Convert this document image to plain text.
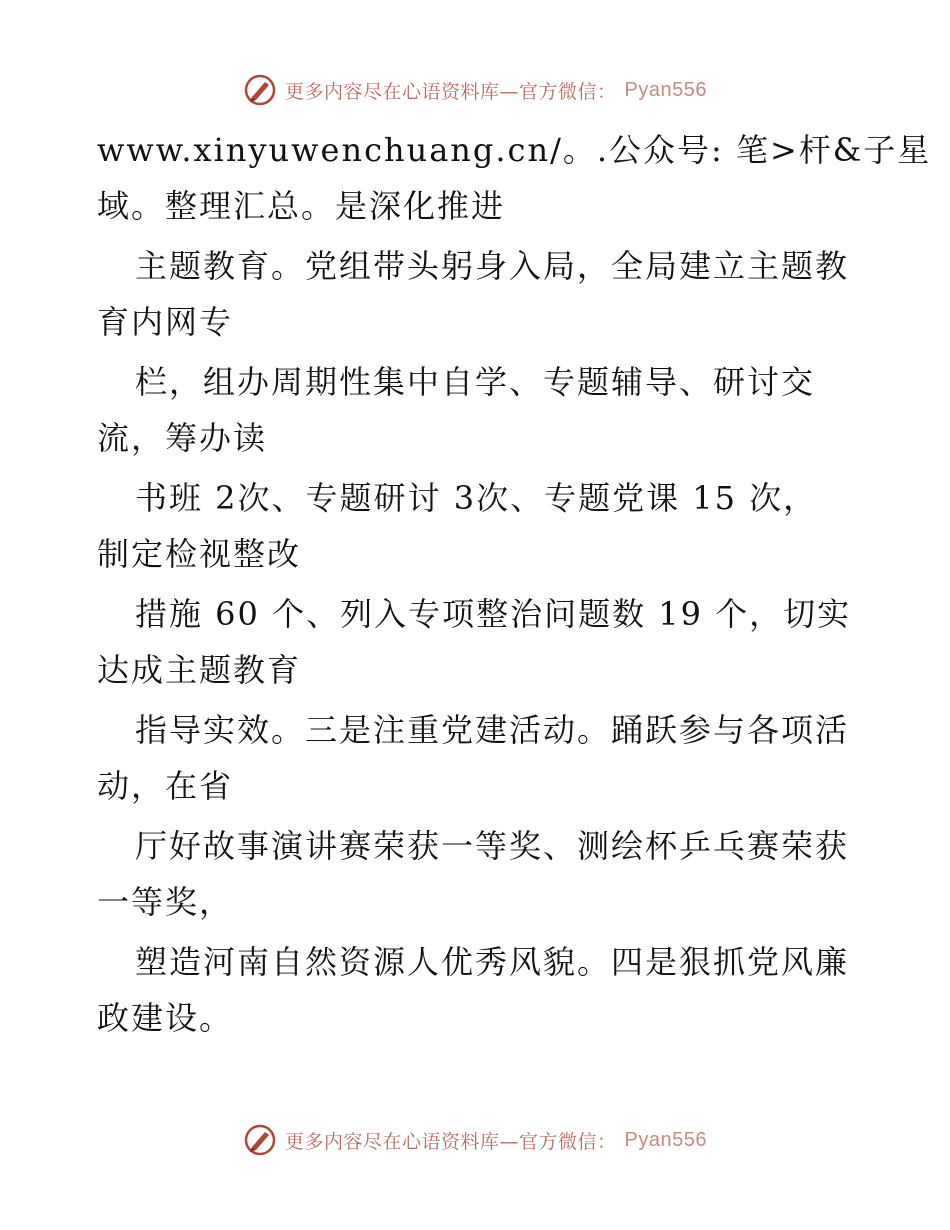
更多内容尽在心语资料库—官方微信： Pyan556
www.xinyuwenchuang.cn/。.公众号: 笔>杆&子星
域。整理汇总。是深化推进
主题教育。党组带头躬身入局，全局建立主题教
育内网专
栏，组办周期性集中自学、专题辅导、研讨交
流，筹办读
书班 2次、专题研讨 3次、专题党课 15 次，
制定检视整改
措施 60 个、列入专项整治问题数 19 个，切实
达成主题教育
指导实效。三是注重党建活动。踊跃参与各项活
动，在省
厅好故事演讲赛荣获一等奖、测绘杯乒乓赛荣获
一等奖，
塑造河南自然资源人优秀风貌。四是狠抓党风廉
政建设。
更多内容尽在心语资料库—官方微信： Pyan556
